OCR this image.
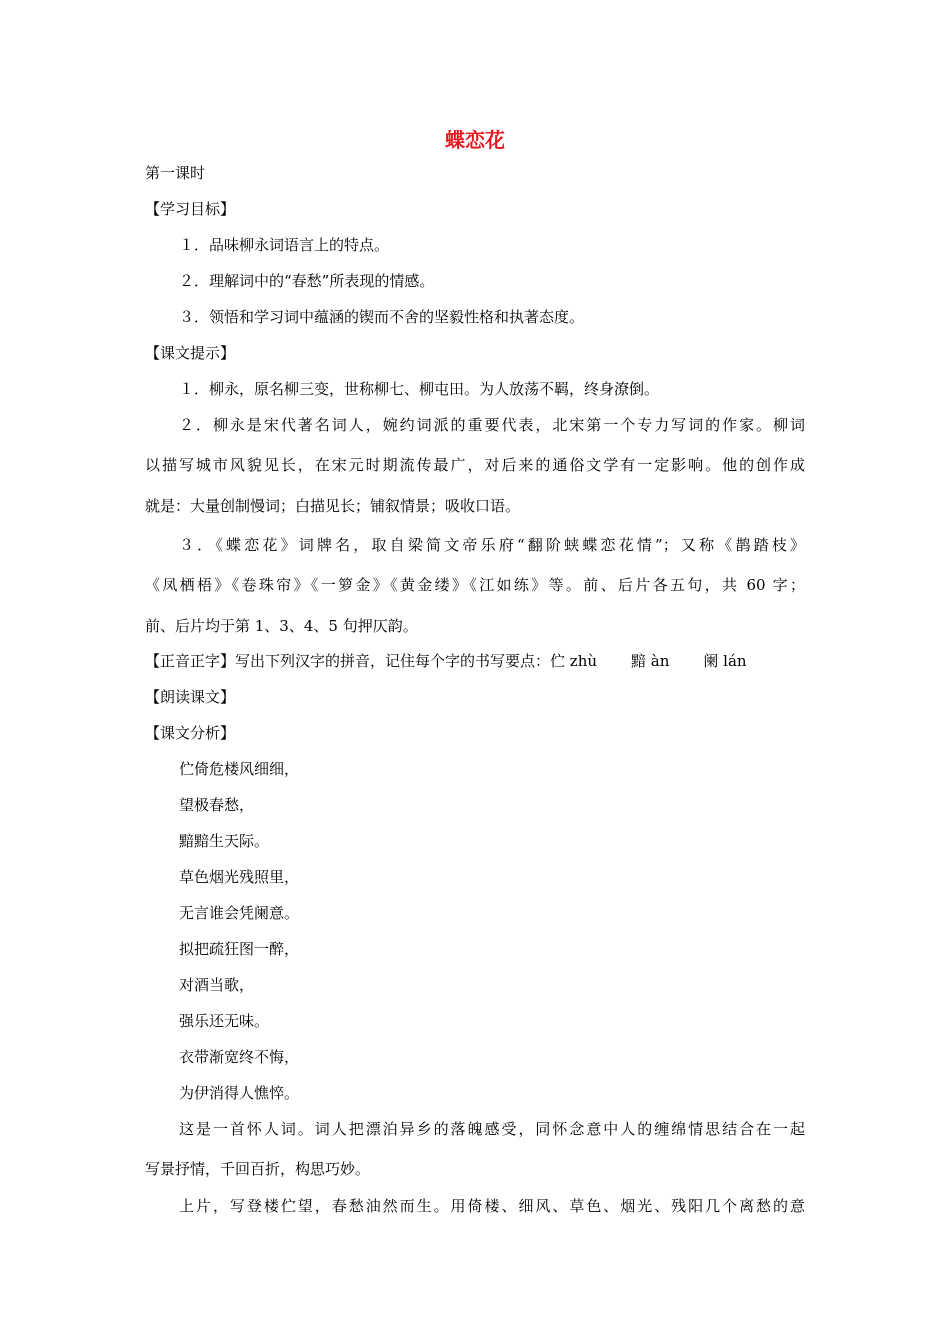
蝶恋花
第一课时
【学习目标】
１．品味柳永词语言上的特点。
２．理解词中的“春愁”所表现的情感。
３．领悟和学习词中蕴涵的锲而不舍的坚毅性格和执著态度。
【课文提示】
１．柳永，原名柳三变，世称柳七、柳屯田。为人放荡不羁，终身潦倒。
２．柳永是宋代著名词人，婉约词派的重要代表，北宋第一个专力写词的作家。柳词
以描写城市风貌见长，在宋元时期流传最广，对后来的通俗文学有一定影响。他的创作成
就是：大量创制慢词；白描见长；铺叙情景；吸收口语。
３．《蝶恋花》词牌名，取自梁简文帝乐府“翻阶蛱蝶恋花情”；又称《鹊踏枝》
《凤栖梧》《卷珠帘》《一箩金》《黄金缕》《江如练》等。前、后片各五句，共 60 字；
前、后片均于第 1、3、4、5 句押仄韵。
【正音正字】写出下列汉字的拼音，记住每个字的书写要点：伫 zhù 黯 àn 阑 lán
【朗读课文】
【课文分析】
伫倚危楼风细细，
望极春愁，
黯黯生天际。
草色烟光残照里，
无言谁会凭阑意。
拟把疏狂图一醉，
对酒当歌，
强乐还无味。
衣带渐宽终不悔，
为伊消得人憔悴。
这是一首怀人词。词人把漂泊异乡的落魄感受，同怀念意中人的缠绵情思结合在一起
写景抒情，千回百折，构思巧妙。
上片，写登楼伫望，春愁油然而生。用倚楼、细风、草色、烟光、残阳几个离愁的意
